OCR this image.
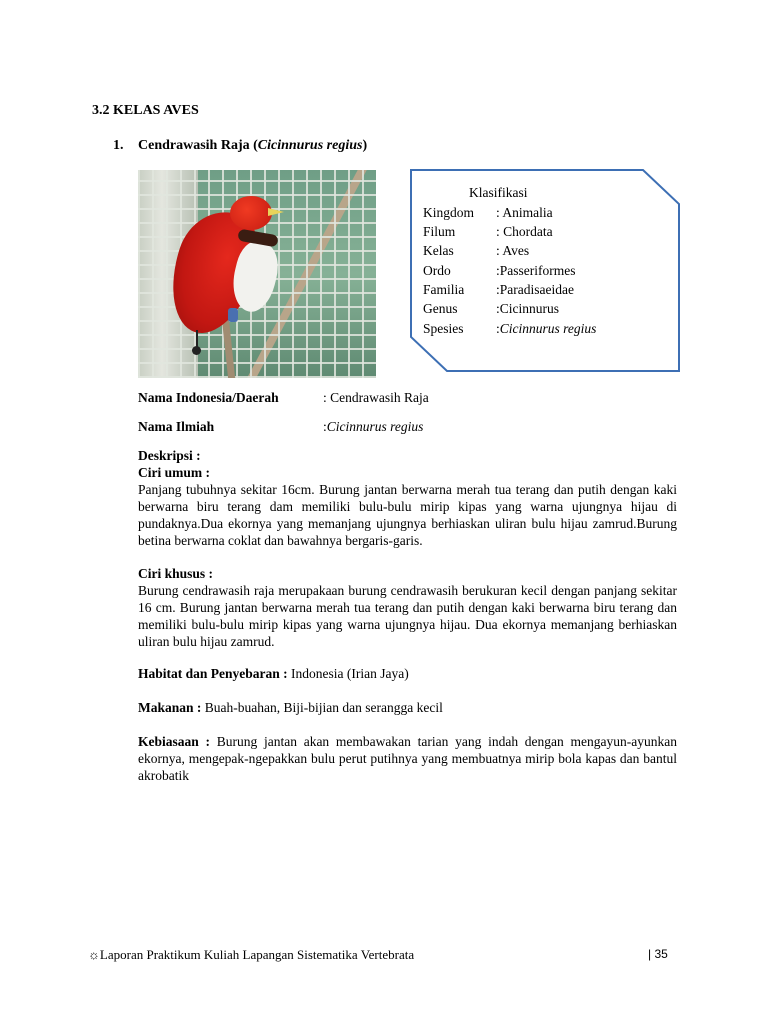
3.2 KELAS AVES
1. Cendrawasih Raja (Cicinnurus regius)
Klasifikasi
Kingdom : Animalia
Filum	: Chordata
Kelas	: Aves
Ordo	:Passeriformes
Familia :Paradisaeidae
Genus	:Cicinnurus
Spesies :Cicinnurus regius
Nama Indonesia/Daerah	: Cendrawasih Raja
Nama Ilmiah	:Cicinnurus regius
Deskripsi :
Ciri umum :
Panjang tubuhnya sekitar 16cm. Burung jantan berwarna merah tua terang dan putih dengan kaki berwarna biru terang dam memiliki bulu-bulu mirip kipas yang warna ujungnya hijau di pundaknya.Dua ekornya yang memanjang ujungnya berhiaskan uliran bulu hijau zamrud.Burung betina berwarna coklat dan bawahnya bergaris-garis.
Ciri khusus :
Burung cendrawasih raja merupakaan burung cendrawasih berukuran kecil dengan panjang sekitar 16 cm. Burung jantan berwarna merah tua terang dan putih dengan kaki berwarna biru terang dan memiliki bulu-bulu mirip kipas yang warna ujungnya hijau. Dua ekornya memanjang berhiaskan uliran bulu hijau zamrud.
Habitat dan Penyebaran : Indonesia (Irian Jaya)
Makanan : Buah-buahan, Biji-bijian dan serangga kecil
Kebiasaan : Burung jantan akan membawakan tarian yang indah dengan mengayun-ayunkan ekornya, mengepak-ngepakkan bulu perut putihnya yang membuatnya mirip bola kapas dan bantul akrobatik
☼Laporan Praktikum Kuliah Lapangan Sistematika Vertebrata	| 35
